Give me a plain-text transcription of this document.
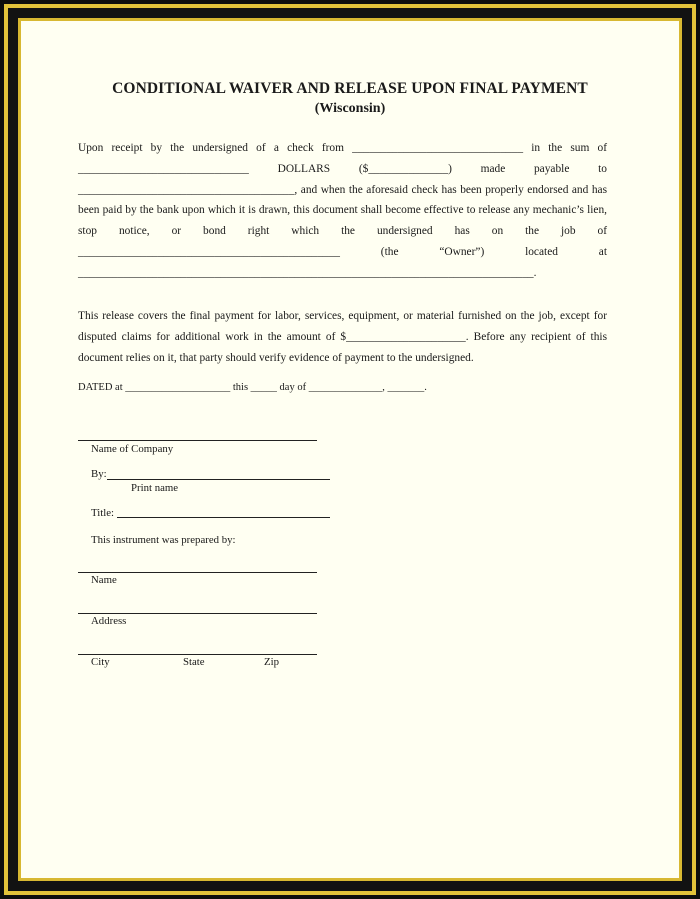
CONDITIONAL WAIVER AND RELEASE UPON FINAL PAYMENT
(Wisconsin)
Upon receipt by the undersigned of a check from ______________________________ in the sum of ______________________________ DOLLARS ($______________) made payable to ______________________________________, and when the aforesaid check has been properly endorsed and has been paid by the bank upon which it is drawn, this document shall become effective to release any mechanic’s lien, stop notice, or bond right which the undersigned has on the job of ______________________________________________ (the “Owner”) located at ________________________________________________________________________________.
This release covers the final payment for labor, services, equipment, or material furnished on the job, except for disputed claims for additional work in the amount of $_____________________. Before any recipient of this document relies on it, that party should verify evidence of payment to the undersigned.
DATED at ____________________ this _____ day of ______________, _______.
Name of Company
By:
Print name
Title:
This instrument was prepared by:
Name
Address
City	State	Zip
